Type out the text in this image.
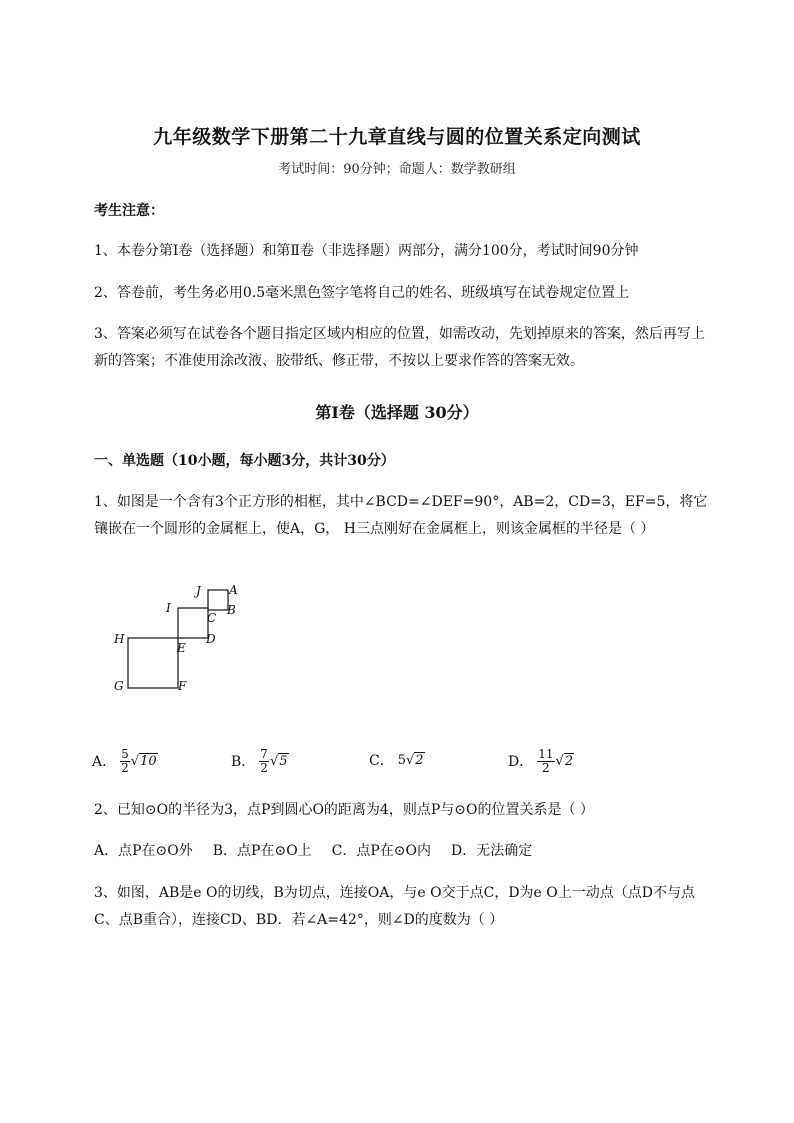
九年级数学下册第二十九章直线与圆的位置关系定向测试
考试时间：90分钟；命题人：数学教研组
考生注意：
1、本卷分第I卷（选择题）和第Ⅱ卷（非选择题）两部分，满分100分，考试时间90分钟
2、答卷前，考生务必用0.5毫米黑色签字笔将自己的姓名、班级填写在试卷规定位置上
3、答案必须写在试卷各个题目指定区域内相应的位置，如需改动，先划掉原来的答案，然后再写上新的答案；不准使用涂改液、胶带纸、修正带，不按以上要求作答的答案无效。
第I卷（选择题 30分）
一、单选题（10小题，每小题3分，共计30分）
1、如图是一个含有3个正方形的相框，其中∠BCD=∠DEF=90°，AB=2，CD=3，EF=5，将它镶嵌在一个圆形的金属框上，使A，G， H三点刚好在金属框上，则该金属框的半径是（ ）
J A
I	B
C
H
E
D
G	F
A． $\frac{5}{2} √10$	B． $\frac{7}{2} √5$	C． 5√2	D． $\frac{11}{2} √2$
2、已知⊙O的半径为3，点P到圆心O的距离为4，则点P与⊙O的位置关系是（ ）
A．点P在⊙O外 B．点P在⊙O上 C．点P在⊙O内 D．无法确定
3、如图，AB是e O的切线，B为切点，连接OA，与e O交于点C，D为e O上一动点（点D不与点C、点B重合），连接CD、BD．若∠A=42°，则∠D的度数为（ ）
